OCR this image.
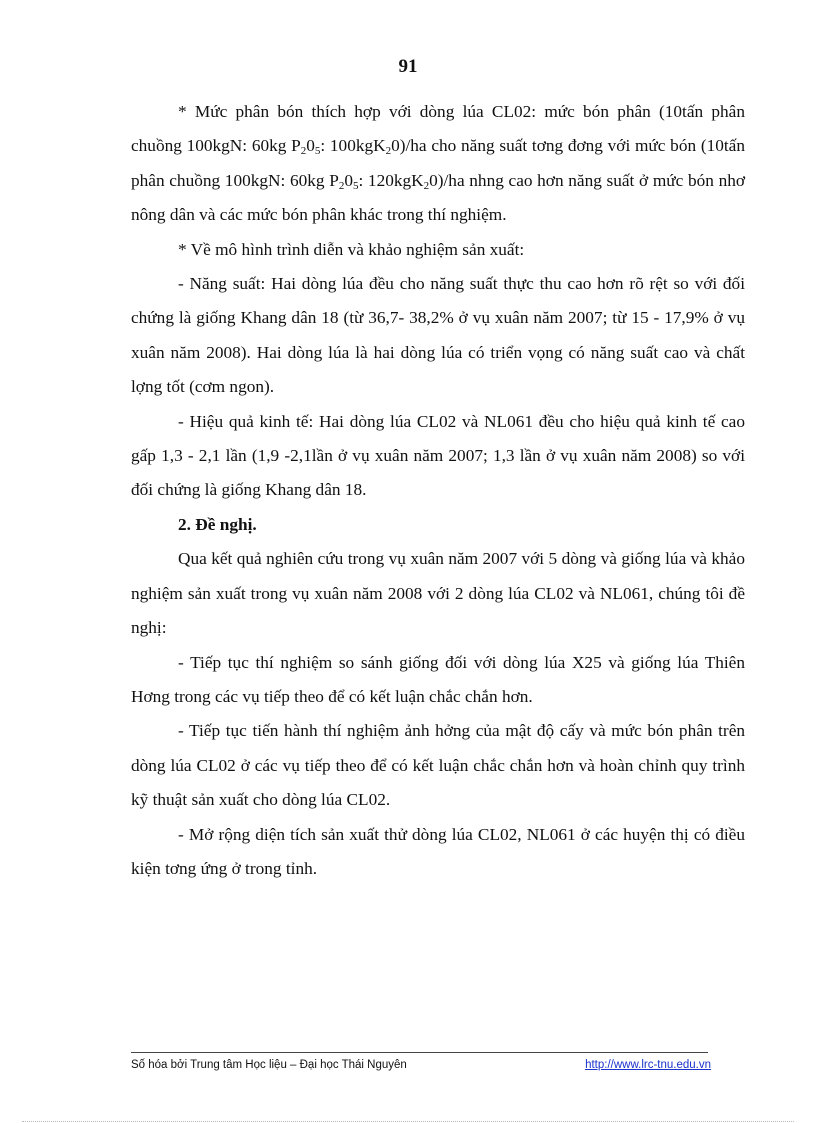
91

* Mức phân bón thích hợp với dòng lúa CL02: mức bón phân (10tấn phân chuồng 100kgN: 60kg $P_20_5$: 100kgK$_2$0)/ha cho năng suất tơng đơng với mức bón (10tấn phân chuồng 100kgN: 60kg $P_20_5$: 120kgK$_2$0)/ha nhng cao hơn năng suất ở mức bón nhơ nông dân và các mức bón phân khác trong thí nghiệm.

* Về mô hình trình diễn và khảo nghiệm sản xuất:

- Năng suất: Hai dòng lúa đều cho năng suất thực thu cao hơn rõ rệt so với đối chứng là giống Khang dân 18 (từ 36,7- 38,2% ở vụ xuân năm 2007; từ 15 - 17,9% ở vụ xuân năm 2008). Hai dòng lúa là hai dòng lúa có triển vọng có năng suất cao và chất lợng tốt (cơm ngon).

- Hiệu quả kinh tế: Hai dòng lúa CL02 và NL061 đều cho hiệu quả kinh tế cao gấp 1,3 - 2,1 lần (1,9 -2,1lần ở vụ xuân năm 2007; 1,3 lần ở vụ xuân năm 2008) so với đối chứng là giống Khang dân 18.

2. Đề nghị.

Qua kết quả nghiên cứu trong vụ xuân năm 2007 với 5 dòng và giống lúa và khảo nghiệm sản xuất trong vụ xuân năm 2008 với 2 dòng lúa CL02 và NL061, chúng tôi đề nghị:

- Tiếp tục thí nghiệm so sánh giống đối với dòng lúa X25 và giống lúa Thiên Hơng trong các vụ tiếp theo để có kết luận chắc chắn hơn.

- Tiếp tục tiến hành thí nghiệm ảnh hởng của mật độ cấy và mức bón phân trên dòng lúa CL02 ở các vụ tiếp theo để có kết luận chắc chắn hơn và hoàn chỉnh quy trình kỹ thuật sản xuất cho dòng lúa CL02.

- Mở rộng diện tích sản xuất thử dòng lúa CL02, NL061 ở các huyện thị có điều kiện tơng ứng ở trong tỉnh.

Số hóa bởi Trung tâm Học liệu – Đại học Thái Nguyên	http://www.lrc-tnu.edu.vn
